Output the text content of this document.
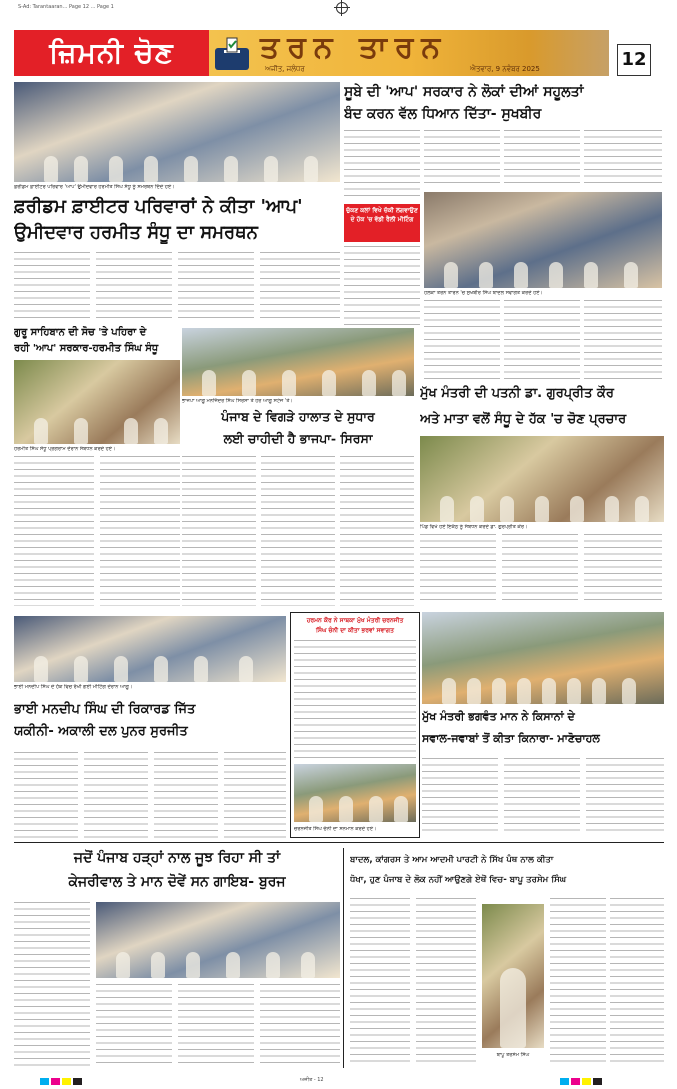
S-Ad: Tarantaaran... Page 12 ... Page 1
ਜ਼ਿਮਨੀ ਚੋਣ	ਤਰਨ ਤਾਰਨ
ਅਜੀਤ, ਜਲੰਧਰ	ਐਤਵਾਰ, 9 ਨਵੰਬਰ 2025	12
ਫ਼ਰੀਡਮ ਫ਼ਾਈਟਰ ਪਰਿਵਾਰ 'ਆਪ' ਉਮੀਦਵਾਰ ਹਰਮੀਤ ਸਿੰਘ ਸੰਧੂ ਨੂੰ ਸਮਰਥਨ ਦਿੰਦੇ ਹੋਏ।
ਫ਼ਰੀਡਮ ਫ਼ਾਈਟਰ ਪਰਿਵਾਰਾਂ ਨੇ ਕੀਤਾ 'ਆਪ'
ਉਮੀਦਵਾਰ ਹਰਮੀਤ ਸੰਧੂ ਦਾ ਸਮਰਥਨ
ਗੁਰੂ ਸਾਹਿਬਾਨ ਦੀ ਸੋਚ 'ਤੇ ਪਹਿਰਾ ਦੇ
ਰਹੀ 'ਆਪ' ਸਰਕਾਰ-ਹਰਮੀਤ ਸਿੰਘ ਸੰਧੂ
ਹਰਮੀਤ ਸਿੰਘ ਸੰਧੂ ਪ੍ਰੋਗਰਾਮ ਦੌਰਾਨ ਸੰਬੋਧਨ ਕਰਦੇ ਹੋਏ।
ਭਾਜਪਾ ਆਗੂ ਮਨਜਿੰਦਰ ਸਿੰਘ ਸਿਰਸਾ ਤੇ ਹੋਰ ਆਗੂ ਸਟੇਜ 'ਤੇ।
ਪੰਜਾਬ ਦੇ ਵਿਗੜੇ ਹਾਲਾਤ ਦੇ ਸੁਧਾਰ
ਲਈ ਚਾਹੀਦੀ ਹੈ ਭਾਜਪਾ- ਸਿਰਸਾ
ਸੂਬੇ ਦੀ 'ਆਪ' ਸਰਕਾਰ ਨੇ ਲੋਕਾਂ ਦੀਆਂ ਸਹੂਲਤਾਂ
ਬੰਦ ਕਰਨ ਵੱਲ ਧਿਆਨ ਦਿੱਤਾ- ਸੁਖਬੀਰ
ਚੁੱਕਣ ਕਲਾਂ ਵਿਖੇ ਚੱਕੀ ਲਗਵਾਉਣ ਦੇ ਹੱਕ 'ਚ ਵੱਡੀ ਰੈਲੀ ਮੀਟਿੰਗ
ਹਲਕਾ ਤਰਨ ਤਾਰਨ 'ਚ ਸੁਖਬੀਰ ਸਿੰਘ ਬਾਦਲ ਸਵਾਗਤ ਕਰਦੇ ਹੋਏ।
ਮੁੱਖ ਮੰਤਰੀ ਦੀ ਪਤਨੀ ਡਾ. ਗੁਰਪ੍ਰੀਤ ਕੌਰ
ਅਤੇ ਮਾਤਾ ਵਲੋਂ ਸੰਧੂ ਦੇ ਹੱਕ 'ਚ ਚੋਣ ਪ੍ਰਚਾਰ
ਪਿੰਡ ਵਿਖੇ ਹੋਏ ਇਕੱਠ ਨੂੰ ਸੰਬੋਧਨ ਕਰਦੇ ਡਾ. ਗੁਰਪ੍ਰੀਤ ਕੌਰ।
ਭਾਈ ਮਨਦੀਪ ਸਿੰਘ ਦੇ ਹੱਕ ਵਿਚ ਰੱਖੀ ਗਈ ਮੀਟਿੰਗ ਦੌਰਾਨ ਆਗੂ।
ਭਾਈ ਮਨਦੀਪ ਸਿੰਘ ਦੀ ਰਿਕਾਰਡ ਜਿੱਤ
ਯਕੀਨੀ- ਅਕਾਲੀ ਦਲ ਪੁਨਰ ਸੁਰਜੀਤ
ਹਰਮਨ ਕੌਰ ਨੇ ਸਾਬਕਾ ਮੁੱਖ ਮੰਤਰੀ ਚਰਨਜੀਤ
ਸਿੰਘ ਚੰਨੀ ਦਾ ਕੀਤਾ ਭਰਵਾਂ ਸਵਾਗਤ
ਚਰਨਜੀਤ ਸਿੰਘ ਚੰਨੀ ਦਾ ਸਨਮਾਨ ਕਰਦੇ ਹੋਏ।
ਮੁੱਖ ਮੰਤਰੀ ਭਗਵੰਤ ਮਾਨ ਨੇ ਕਿਸਾਨਾਂ ਦੇ
ਸਵਾਲ-ਜਵਾਬਾਂ ਤੋਂ ਕੀਤਾ ਕਿਨਾਰਾ- ਮਾਣੋਚਾਹਲ
ਜਦੋਂ ਪੰਜਾਬ ਹੜ੍ਹਾਂ ਨਾਲ ਜੂਝ ਰਿਹਾ ਸੀ ਤਾਂ
ਕੇਜਰੀਵਾਲ ਤੇ ਮਾਨ ਦੋਵੇਂ ਸਨ ਗਾਇਬ- ਬੁਰਜ
ਬਾਦਲ, ਕਾਂਗਰਸ ਤੇ ਆਮ ਆਦਮੀ ਪਾਰਟੀ ਨੇ ਸਿੱਖ ਪੰਥ ਨਾਲ ਕੀਤਾ
ਧੋਖਾ, ਹੁਣ ਪੰਜਾਬ ਦੇ ਲੋਕ ਨਹੀਂ ਆਉਣਗੇ ਏਥੋਂ ਵਿਚ- ਬਾਪੂ ਤਰਸੇਮ ਸਿੰਘ
ਬਾਪੂ ਤਰਸੇਮ ਸਿੰਘ
ਅਜੀਤ - 12
